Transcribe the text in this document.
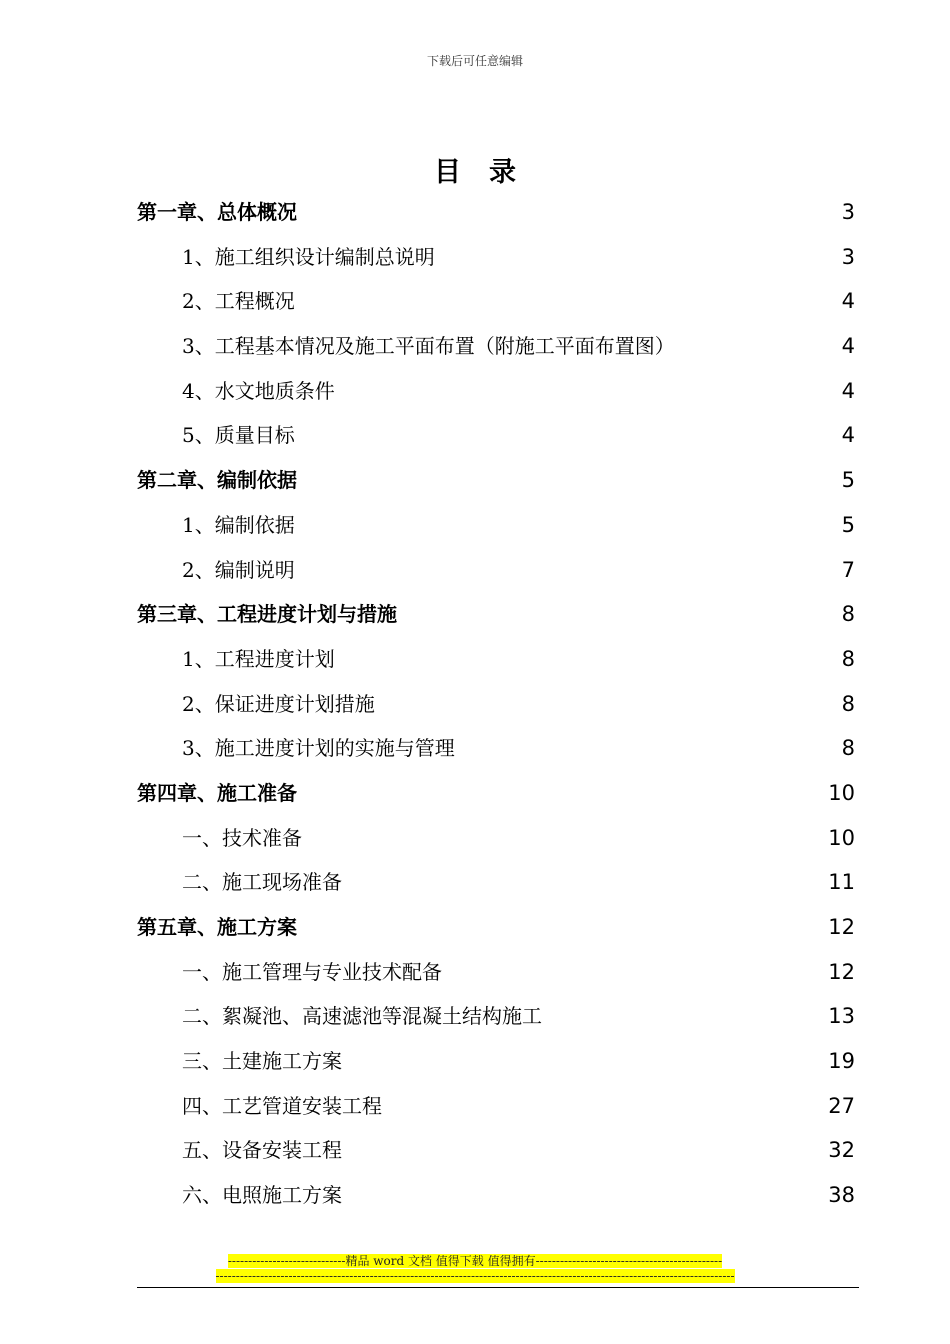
下载后可任意编辑
目录
第一章、总体概况	3
1、施工组织设计编制总说明	3
2、工程概况	4
3、工程基本情况及施工平面布置（附施工平面布置图）	4
4、水文地质条件	4
5、质量目标	4
第二章、编制依据	5
1、编制依据	5
2、编制说明	7
第三章、工程进度计划与措施	8
1、工程进度计划	8
2、保证进度计划措施	8
3、施工进度计划的实施与管理	8
第四章、施工准备	10
一、技术准备	10
二、施工现场准备	11
第五章、施工方案	12
一、施工管理与专业技术配备	12
二、絮凝池、高速滤池等混凝土结构施工	13
三、土建施工方案	19
四、工艺管道安装工程	27
五、设备安装工程	32
六、电照施工方案	38
-----------------------------精品 word 文档 值得下载 值得拥有----------------------------------------------
--------------------------------------------------------------------------------------------------------------------------------
